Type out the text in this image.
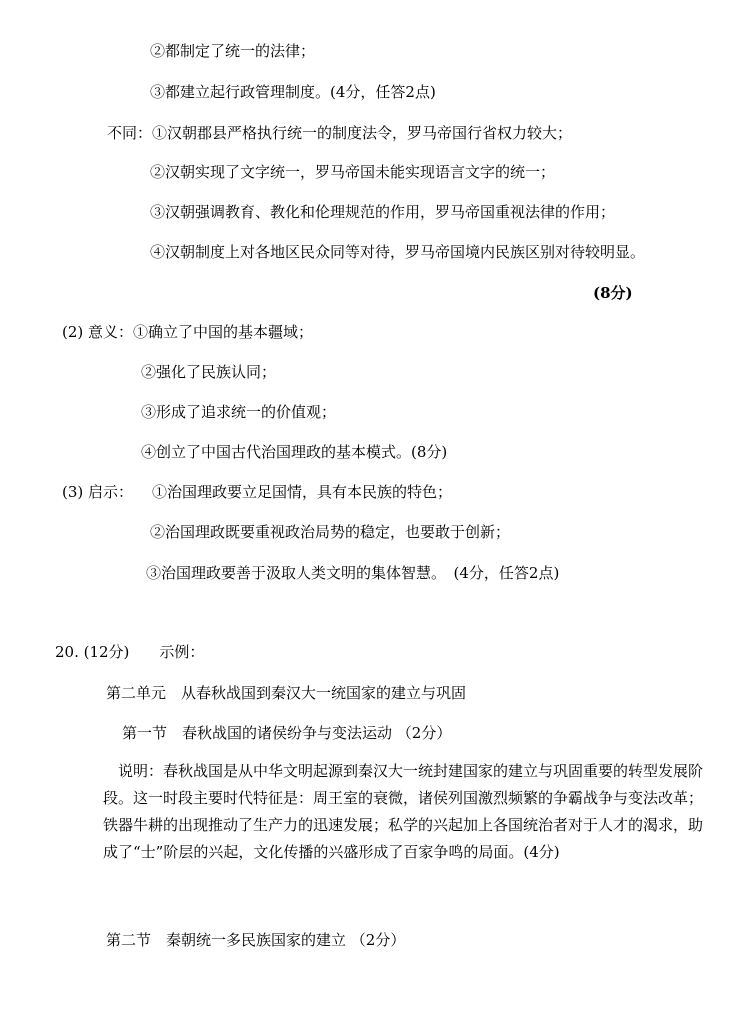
②都制定了统一的法律；
③都建立起行政管理制度。(4分，任答2点)
不同：①汉朝郡县严格执行统一的制度法令，罗马帝国行省权力较大；
②汉朝实现了文字统一，罗马帝国未能实现语言文字的统一；
③汉朝强调教育、教化和伦理规范的作用，罗马帝国重视法律的作用；
④汉朝制度上对各地区民众同等对待，罗马帝国境内民族区别对待较明显。
(8分)
(2) 意义：①确立了中国的基本疆域；
②强化了民族认同；
③形成了追求统一的价值观；
④创立了中国古代治国理政的基本模式。(8分)
(3) 启示： ①治国理政要立足国情，具有本民族的特色；
②治国理政既要重视政治局势的稳定，也要敢于创新；
③治国理政要善于汲取人类文明的集体智慧。　(4分，任答2点)
20. (12分)　　示例：
第二单元　从春秋战国到秦汉大一统国家的建立与巩固
第一节　春秋战国的诸侯纷争与变法运动 （2分）
说明：春秋战国是从中华文明起源到秦汉大一统封建国家的建立与巩固重要的转型发展阶段。这一时段主要时代特征是：周王室的衰微，诸侯列国激烈频繁的争霸战争与变法改革；铁器牛耕的出现推动了生产力的迅速发展；私学的兴起加上各国统治者对于人才的渴求，助成了“士”阶层的兴起，文化传播的兴盛形成了百家争鸣的局面。(4分)
第二节　秦朝统一多民族国家的建立 （2分）
